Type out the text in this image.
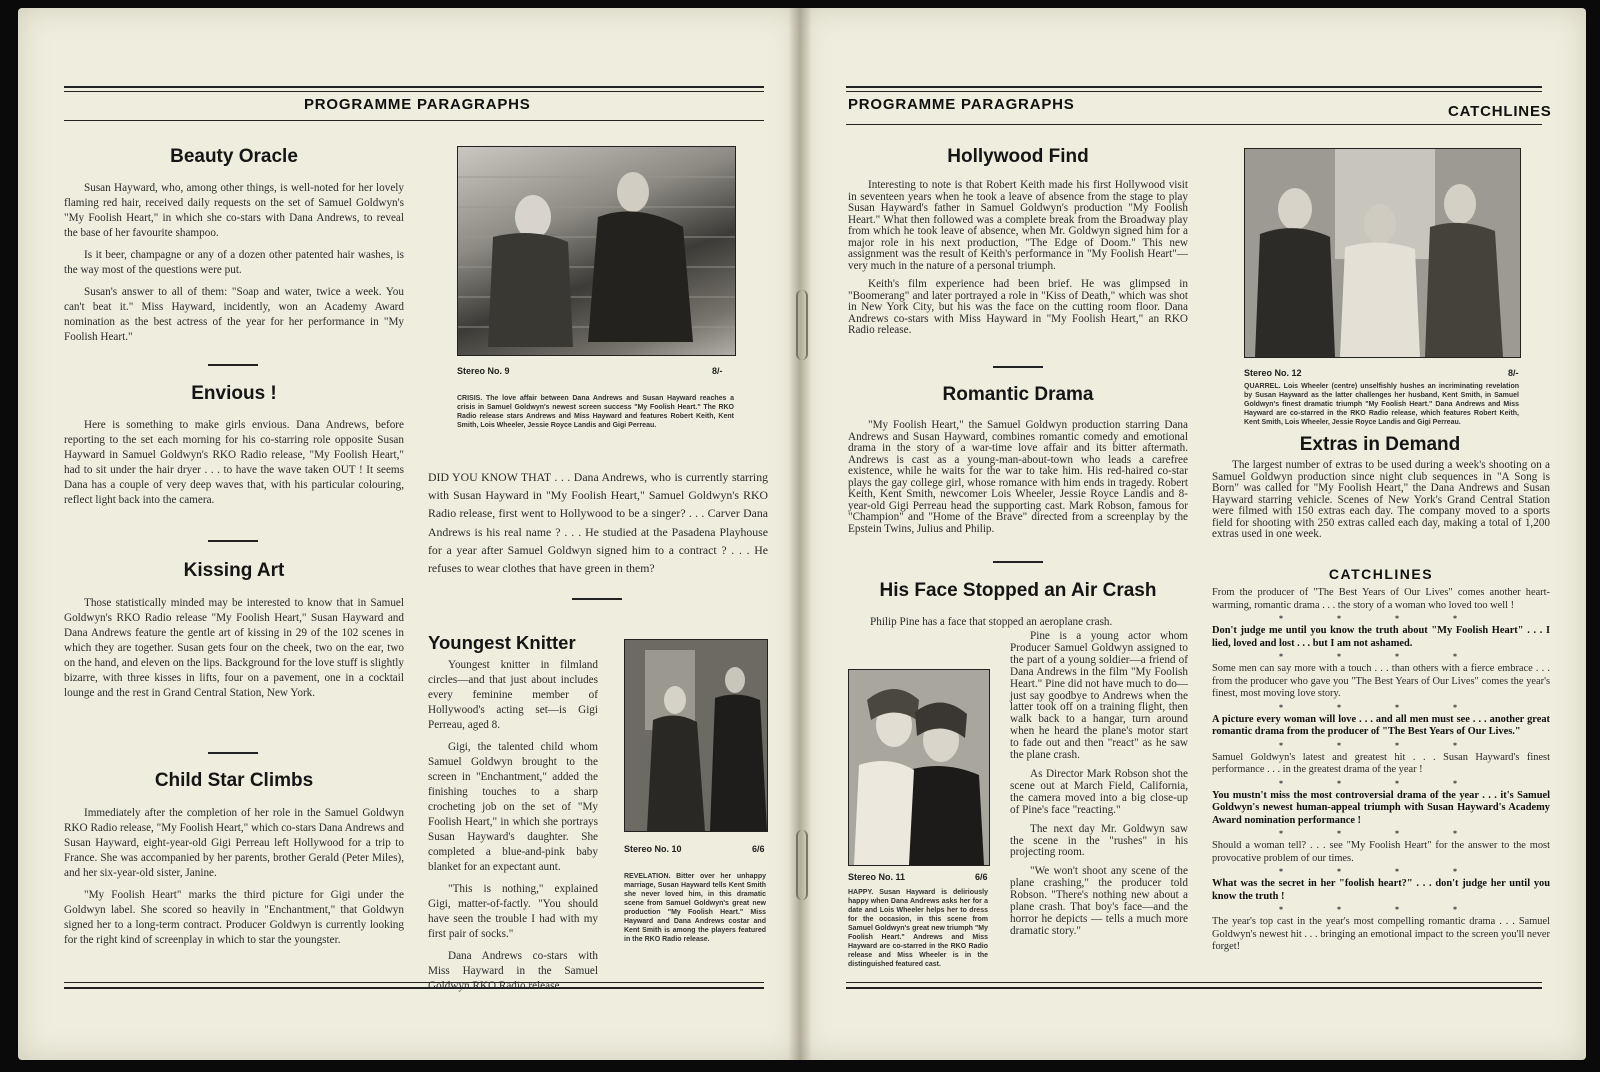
PROGRAMME PARAGRAPHS
Beauty Oracle

Susan Hayward, who, among other things, is well-noted for her lovely flaming red hair, received daily requests on the set of Samuel Goldwyn's "My Foolish Heart," in which she co-stars with Dana Andrews, to reveal the base of her favourite shampoo.

Is it beer, champagne or any of a dozen other patented hair washes, is the way most of the questions were put.

Susan's answer to all of them: "Soap and water, twice a week. You can't beat it." Miss Hayward, incidently, won an Academy Award nomination as the best actress of the year for her performance in "My Foolish Heart."

Envious !

Here is something to make girls envious. Dana Andrews, before reporting to the set each morning for his co-starring role opposite Susan Hayward in Samuel Goldwyn's RKO Radio release, "My Foolish Heart," had to sit under the hair dryer . . . to have the wave taken OUT ! It seems Dana has a couple of very deep waves that, with his particular colouring, reflect light back into the camera.

Kissing Art

Those statistically minded may be interested to know that in Samuel Goldwyn's RKO Radio release "My Foolish Heart," Susan Hayward and Dana Andrews feature the gentle art of kissing in 29 of the 102 scenes in which they are together. Susan gets four on the cheek, two on the ear, two on the hand, and eleven on the lips. Background for the love stuff is slightly bizarre, with three kisses in lifts, four on a pavement, one in a cocktail lounge and the rest in Grand Central Station, New York.

Child Star Climbs

Immediately after the completion of her role in the Samuel Goldwyn RKO Radio release, "My Foolish Heart," which co-stars Dana Andrews and Susan Hayward, eight-year-old Gigi Perreau left Hollywood for a trip to France. She was accompanied by her parents, brother Gerald (Peter Miles), and her six-year-old sister, Janine.

"My Foolish Heart" marks the third picture for Gigi under the Goldwyn label. She scored so heavily in "Enchantment," that Goldwyn signed her to a long-term contract. Producer Goldwyn is currently looking for the right kind of screenplay in which to star the youngster.

Stereo No. 9	8/-
CRISIS. The love affair between Dana Andrews and Susan Hayward reaches a crisis in Samuel Goldwyn's newest screen success "My Foolish Heart." The RKO Radio release stars Andrews and Miss Hayward and features Robert Keith, Kent Smith, Lois Wheeler, Jessie Royce Landis and Gigi Perreau.
DID YOU KNOW THAT . . . Dana Andrews, who is currently starring with Susan Hayward in "My Foolish Heart," Samuel Goldwyn's RKO Radio release, first went to Hollywood to be a singer? . . . Carver Dana Andrews is his real name ? . . . He studied at the Pasadena Playhouse for a year after Samuel Goldwyn signed him to a contract ? . . . He refuses to wear clothes that have green in them?
Youngest Knitter

Youngest knitter in filmland circles—and that just about includes every feminine member of Hollywood's acting set—is Gigi Perreau, aged 8.

Gigi, the talented child whom Samuel Goldwyn brought to the screen in "Enchantment," added the finishing touches to a sharp crocheting job on the set of "My Foolish Heart," in which she portrays Susan Hayward's daughter. She completed a blue-and-pink baby blanket for an expectant aunt.

"This is nothing," explained Gigi, matter-of-factly. "You should have seen the trouble I had with my first pair of socks."

Dana Andrews co-stars with Miss Hayward in the Samuel Goldwyn RKO Radio release.

Stereo No. 10	6/6
REVELATION. Bitter over her unhappy marriage, Susan Hayward tells Kent Smith she never loved him, in this dramatic scene from Samuel Goldwyn's great new production "My Foolish Heart." Miss Hayward and Dana Andrews costar and Kent Smith is among the players featured in the RKO Radio release.
PROGRAMME PARAGRAPHS	CATCHLINES
Hollywood Find

Interesting to note is that Robert Keith made his first Hollywood visit in seventeen years when he took a leave of absence from the stage to play Susan Hayward's father in Samuel Goldwyn's production "My Foolish Heart." What then followed was a complete break from the Broadway play from which he took leave of absence, when Mr. Goldwyn signed him for a major role in his next production, "The Edge of Doom." This new assignment was the result of Keith's performance in "My Foolish Heart"—very much in the nature of a personal triumph.

Keith's film experience had been brief. He was glimpsed in "Boomerang" and later portrayed a role in "Kiss of Death," which was shot in New York City, but his was the face on the cutting room floor. Dana Andrews co-stars with Miss Hayward in "My Foolish Heart," an RKO Radio release.

Romantic Drama

"My Foolish Heart," the Samuel Goldwyn production starring Dana Andrews and Susan Hayward, combines romantic comedy and emotional drama in the story of a war-time love affair and its bitter aftermath. Andrews is cast as a young-man-about-town who leads a carefree existence, while he waits for the war to take him. His red-haired co-star plays the gay college girl, whose romance with him ends in tragedy. Robert Keith, Kent Smith, newcomer Lois Wheeler, Jessie Royce Landis and 8-year-old Gigi Perreau head the supporting cast. Mark Robson, famous for "Champion" and "Home of the Brave" directed from a screenplay by the Epstein Twins, Julius and Philip.

His Face Stopped an Air Crash
Philip Pine has a face that stopped an aeroplane crash.

Pine is a young actor whom Producer Samuel Goldwyn assigned to the part of a young soldier—a friend of Dana Andrews in the film "My Foolish Heart." Pine did not have much to do—just say goodbye to Andrews when the latter took off on a training flight, then walk back to a hangar, turn around when he heard the plane's motor start to fade out and then "react" as he saw the plane crash.

As Director Mark Robson shot the scene out at March Field, California, the camera moved into a big close-up of Pine's face "reacting."

The next day Mr. Goldwyn saw the scene in the "rushes" in his projecting room.

"We won't shoot any scene of the plane crashing," the producer told Robson. "There's nothing new about a plane crash. That boy's face—and the horror he depicts — tells a much more dramatic story."

Stereo No. 11	6/6
HAPPY. Susan Hayward is deliriously happy when Dana Andrews asks her for a date and Lois Wheeler helps her to dress for the occasion, in this scene from Samuel Goldwyn's great new triumph "My Foolish Heart." Andrews and Miss Hayward are co-starred in the RKO Radio release and Miss Wheeler is in the distinguished featured cast.
Stereo No. 12	8/-
QUARREL. Lois Wheeler (centre) unselfishly hushes an incriminating revelation by Susan Hayward as the latter challenges her husband, Kent Smith, in Samuel Goldwyn's finest dramatic triumph "My Foolish Heart." Dana Andrews and Miss Hayward are co-starred in the RKO Radio release, which features Robert Keith, Kent Smith, Lois Wheeler, Jessie Royce Landis and Gigi Perreau.
Extras in Demand

The largest number of extras to be used during a week's shooting on a Samuel Goldwyn production since night club sequences in "A Song is Born" was called for "My Foolish Heart," the Dana Andrews and Susan Hayward starring vehicle. Scenes of New York's Grand Central Station were filmed with 150 extras each day. The company moved to a sports field for shooting with 250 extras called each day, making a total of 1,200 extras used in one week.

CATCHLINES

From the producer of "The Best Years of Our Lives" comes another heart-warming, romantic drama . . . the story of a woman who loved too well !

* * * *

Don't judge me until you know the truth about "My Foolish Heart" . . . I lied, loved and lost . . . but I am not ashamed.

* * * *

Some men can say more with a touch . . . than others with a fierce embrace . . . from the producer who gave you "The Best Years of Our Lives" comes the year's finest, most moving love story.

* * * *

A picture every woman will love . . . and all men must see . . . another great romantic drama from the producer of "The Best Years of Our Lives."

* * * *

Samuel Goldwyn's latest and greatest hit . . . Susan Hayward's finest performance . . . in the greatest drama of the year !

* * * *

You mustn't miss the most controversial drama of the year . . . it's Samuel Goldwyn's newest human-appeal triumph with Susan Hayward's Academy Award nomination performance !

* * * *

Should a woman tell? . . . see "My Foolish Heart" for the answer to the most provocative problem of our times.

* * * *

What was the secret in her "foolish heart?" . . . don't judge her until you know the truth !

* * * *

The year's top cast in the year's most compelling romantic drama . . . Samuel Goldwyn's newest hit . . . bringing an emotional impact to the screen you'll never forget!
